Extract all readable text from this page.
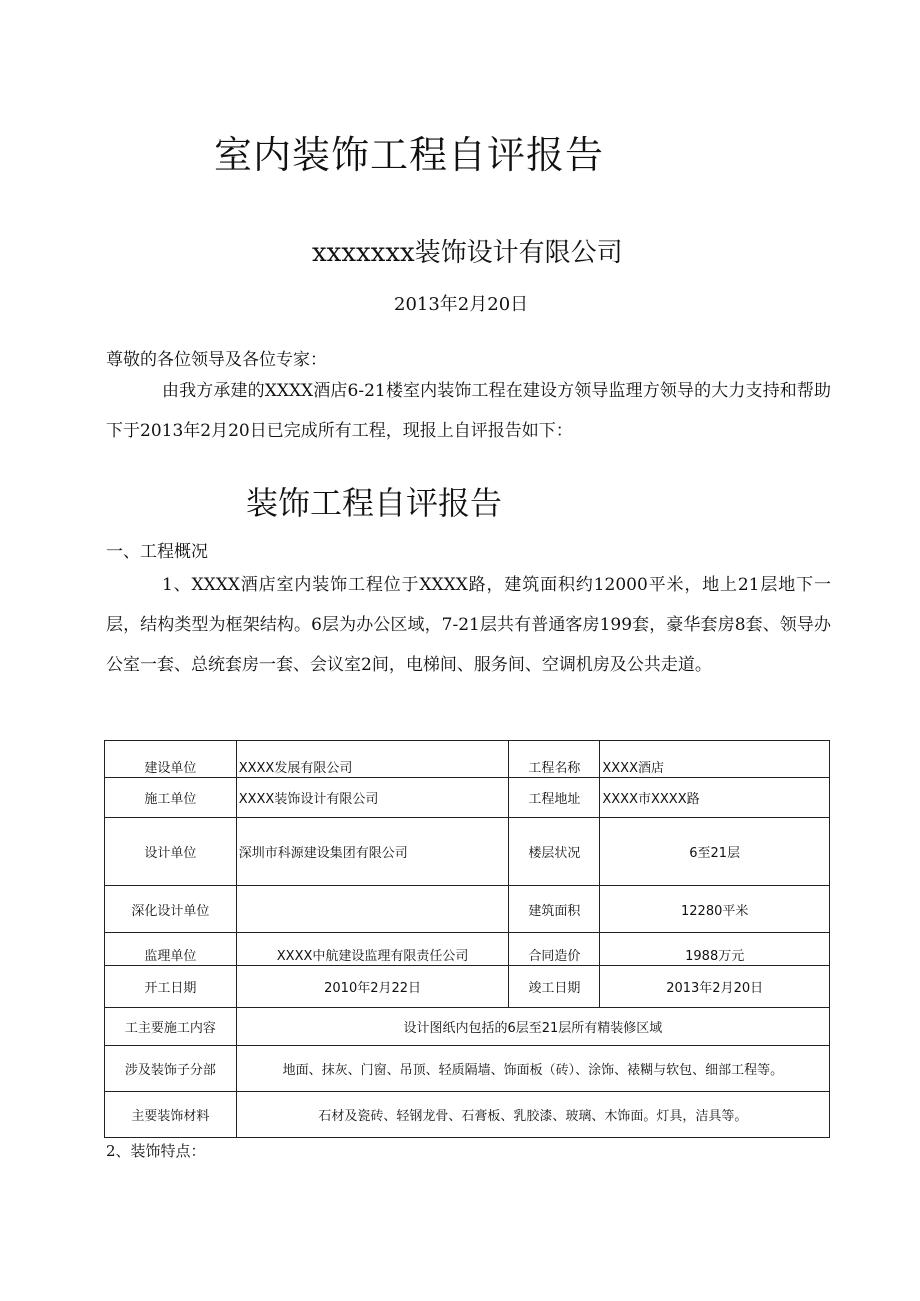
室内装饰工程自评报告
xxxxxxx装饰设计有限公司
2013年2月20日
尊敬的各位领导及各位专家：
由我方承建的XXXX酒店6-21楼室内装饰工程在建设方领导监理方领导的大力支持和帮助下于2013年2月20日已完成所有工程，现报上自评报告如下：
装饰工程自评报告
一、工程概况
1、XXXX酒店室内装饰工程位于XXXX路，建筑面积约12000平米，地上21层地下一层，结构类型为框架结构。6层为办公区域，7-21层共有普通客房199套，豪华套房8套、领导办公室一套、总统套房一套、会议室2间，电梯间、服务间、空调机房及公共走道。
建设单位	XXXX发展有限公司	工程名称	XXXX酒店
施工单位	XXXX装饰设计有限公司	工程地址	XXXX市XXXX路
设计单位	深圳市科源建设集团有限公司	楼层状况	6至21层
深化设计单位		建筑面积	12280平米
监理单位	XXXX中航建设监理有限责任公司	合同造价	1988万元
开工日期	2010年2月22日	竣工日期	2013年2月20日
工主要施工内容	设计图纸内包括的6层至21层所有精装修区域		
涉及装饰子分部	地面、抹灰、门窗、吊顶、轻质隔墙、饰面板（砖）、涂饰、裱糊与软包、细部工程等。		
主要装饰材料	石材及瓷砖、轻钢龙骨、石膏板、乳胶漆、玻璃、木饰面。灯具，洁具等。		
2、装饰特点：
